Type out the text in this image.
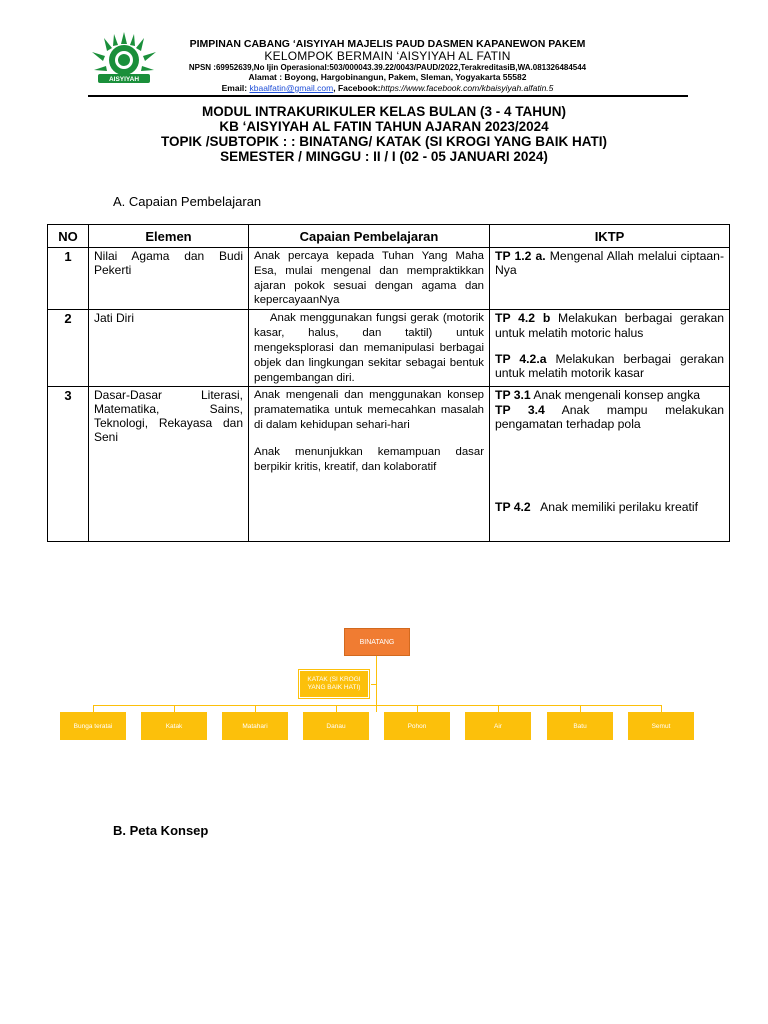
AISYIYAH
PIMPINAN CABANG ‘AISYIYAH MAJELIS PAUD DASMEN KAPANEWON PAKEM
KELOMPOK BERMAIN ‘AISYIYAH AL FATIN
NPSN :69952639,No Ijin Operasional:503/000043.39.22/0043/PAUD/2022,TerakreditasiB,WA.081326484544
Alamat : Boyong, Hargobinangun, Pakem, Sleman, Yogyakarta 55582
Email: kbaalfatin@gmail.com, Facebook:https://www.facebook.com/kbaisyiyah.alfatin.5
MODUL INTRAKURIKULER KELAS BULAN (3 - 4 TAHUN)
KB ‘AISYIYAH AL FATIN TAHUN AJARAN 2023/2024
TOPIK /SUBTOPIK : : BINATANG/ KATAK (SI KROGI YANG BAIK HATI)
SEMESTER / MINGGU : II / I (02 - 05 JANUARI 2024)
A. Capaian Pembelajaran
NO	Elemen	Capaian Pembelajaran	IKTP
1	Nilai Agama dan Budi Pekerti	Anak percaya kepada Tuhan Yang Maha Esa, mulai mengenal dan mempraktikkan ajaran pokok sesuai dengan agama dan kepercayaanNya	TP 1.2 a. Mengenal Allah melalui ciptaan-Nya
2	Jati Diri	Anak menggunakan fungsi gerak (motorik kasar, halus, dan taktil) untuk mengeksplorasi dan memanipulasi berbagai objek dan lingkungan sekitar sebagai bentuk pengembangan diri.	TP 4.2 b Melakukan berbagai gerakan untuk melatih motoric halus
TP 4.2.a Melakukan berbagai gerakan untuk melatih motorik kasar
3	Dasar-Dasar Literasi, Matematika, Sains, Teknologi, Rekayasa dan Seni	Anak mengenali dan menggunakan konsep pramatematika untuk memecahkan masalah di dalam kehidupan sehari-hari
Anak menunjukkan kemampuan dasar berpikir kritis, kreatif, dan kolaboratif	TP 3.1 Anak mengenali konsep angka
TP 3.4 Anak mampu melakukan pengamatan terhadap pola
TP 4.2   Anak memiliki perilaku kreatif
BINATANG
KATAK (SI KROGI YANG BAIK HATI)
Bunga teratai	Katak	Matahari	Danau	Pohon	Air	Batu	Semut
B. Peta Konsep
